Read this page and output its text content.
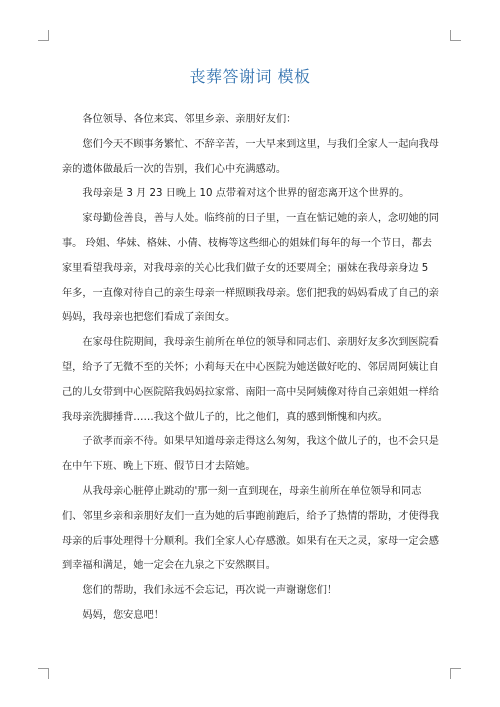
丧葬答谢词 模板

各位领导、各位来宾、邻里乡亲、亲朋好友们：

您们今天不顾事务繁忙、不辞辛苦，一大早来到这里，与我们全家人一起向我母亲的遗体做最后一次的告别，我们心中充满感动。

我母亲是 3 月 23 日晚上 10 点带着对这个世界的留恋离开这个世界的。

家母勤俭善良，善与人处。临终前的日子里，一直在惦记她的亲人，念叨她的同事。 玲姐、华妹、格妹、小倩、枝梅等这些细心的姐妹们每年的每一个节日，都去家里看望我母亲，对我母亲的关心比我们做子女的还要周全；丽妹在我母亲身边 5 年多，一直像对待自己的亲生母亲一样照顾我母亲。您们把我的妈妈看成了自己的亲妈妈，我母亲也把您们看成了亲闺女。

在家母住院期间，我母亲生前所在单位的领导和同志们、亲朋好友多次到医院看望，给予了无微不至的关怀；小莉每天在中心医院为她送做好吃的、邻居周阿姨让自己的儿女带到中心医院陪我妈妈拉家常、南阳一高中吴阿姨像对待自己亲姐姐一样给我母亲洗脚捶背……我这个做儿子的，比之他们，真的感到惭愧和内疚。

子欲孝而亲不待。如果早知道母亲走得这么匆匆，我这个做儿子的，也不会只是在中午下班、晚上下班、假节日才去陪她。

从我母亲心脏停止跳动的'那一刻一直到现在，母亲生前所在单位领导和同志们、邻里乡亲和亲朋好友们一直为她的后事跑前跑后，给予了热情的帮助，才使得我母亲的后事处理得十分顺利。我们全家人心存感激。如果有在天之灵，家母一定会感到幸福和满足，她一定会在九泉之下安然瞑目。

您们的帮助，我们永远不会忘记，再次说一声谢谢您们！

妈妈，您安息吧！
